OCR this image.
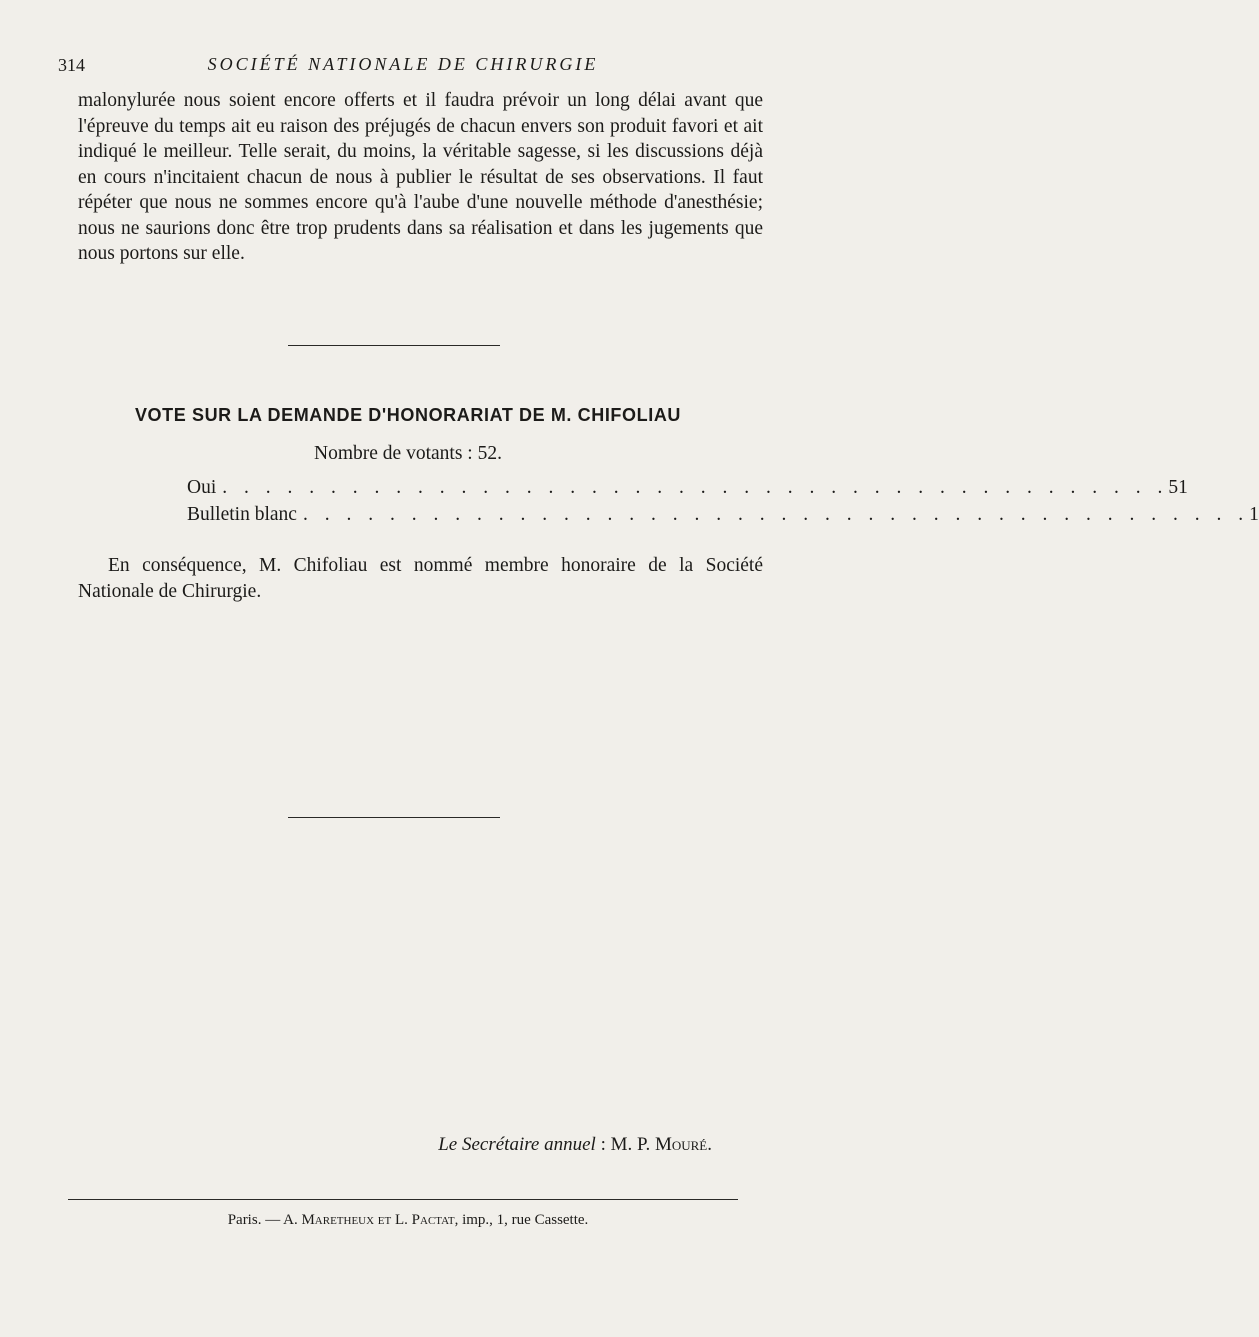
314	SOCIÉTÉ NATIONALE DE CHIRURGIE

malonylurée nous soient encore offerts et il faudra prévoir un long délai avant que l'épreuve du temps ait eu raison des préjugés de chacun envers son produit favori et ait indiqué le meilleur. Telle serait, du moins, la véritable sagesse, si les discussions déjà en cours n'incitaient chacun de nous à publier le résultat de ses observations. Il faut répéter que nous ne sommes encore qu'à l'aube d'une nouvelle méthode d'anesthésie; nous ne saurions donc être trop prudents dans sa réalisation et dans les jugements que nous portons sur elle.

VOTE SUR LA DEMANDE D'HONORARIAT DE M. CHIFOLIAU

Nombre de votants : 52.

Oui . . . . . . . . . . . . . . . . . . . . . . . . . . . . . . . . . . . . . . . . . . . . 51
Bulletin blanc . . . . . . . . . . . . . . . . . . . . . . . . . . . . . . . . . . . . . . . . . . . . 1

En conséquence, M. Chifoliau est nommé membre honoraire de la Société Nationale de Chirurgie.

Le Secrétaire annuel : M. P. Mouré.
Paris. — A. Maretheux et L. Pactat, imp., 1, rue Cassette.
